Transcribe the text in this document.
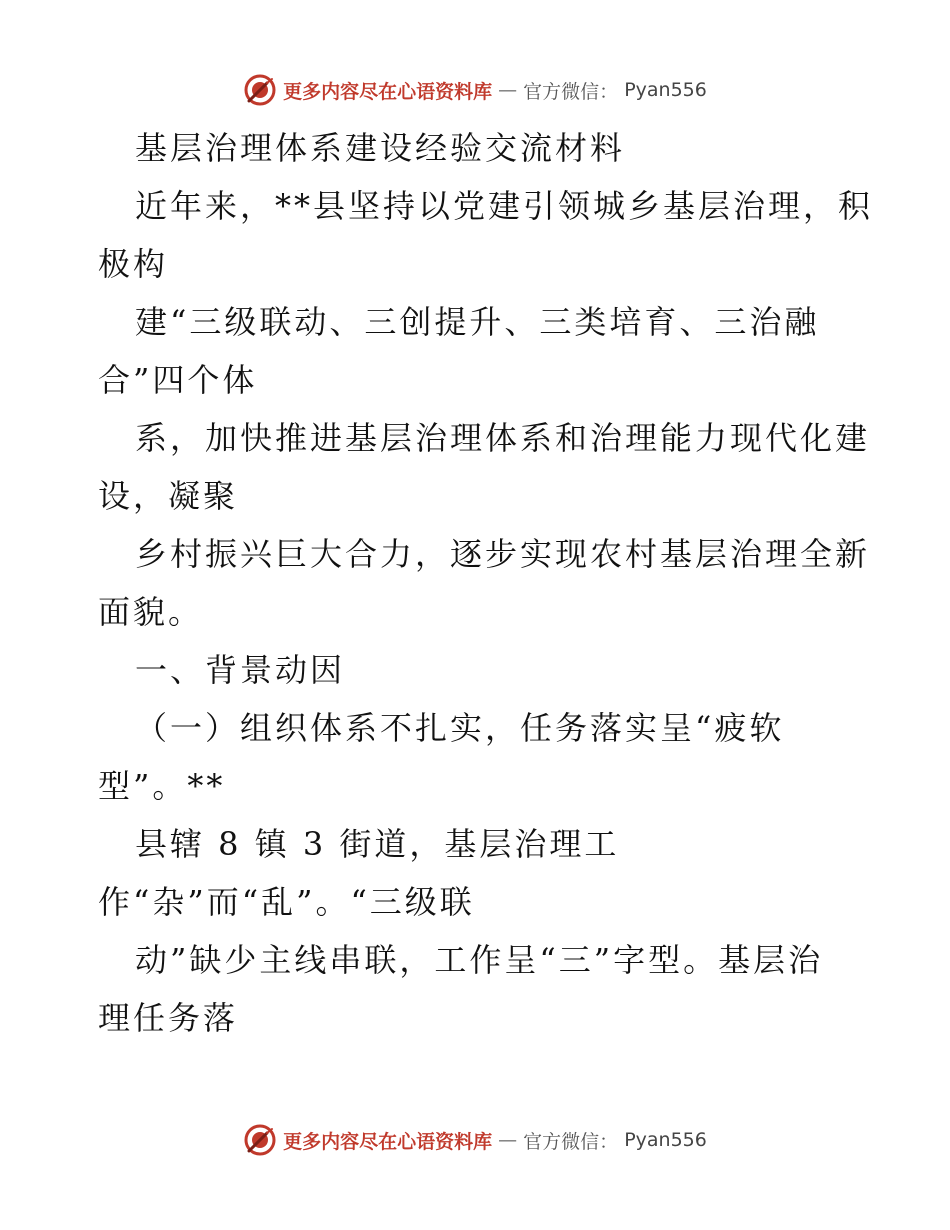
更多内容尽在心语资料库 — 官方微信： Pyan556
基层治理体系建设经验交流材料
近年来，**县坚持以党建引领城乡基层治理，积
极构
建“三级联动、三创提升、三类培育、三治融
合”四个体
系，加快推进基层治理体系和治理能力现代化建
设，凝聚
乡村振兴巨大合力，逐步实现农村基层治理全新
面貌。
一、背景动因
（一）组织体系不扎实，任务落实呈“疲软
型”。**
县辖 8 镇 3 街道，基层治理工
作“杂”而“乱”。“三级联
动”缺少主线串联，工作呈“三”字型。基层治
理任务落
更多内容尽在心语资料库 — 官方微信： Pyan556
